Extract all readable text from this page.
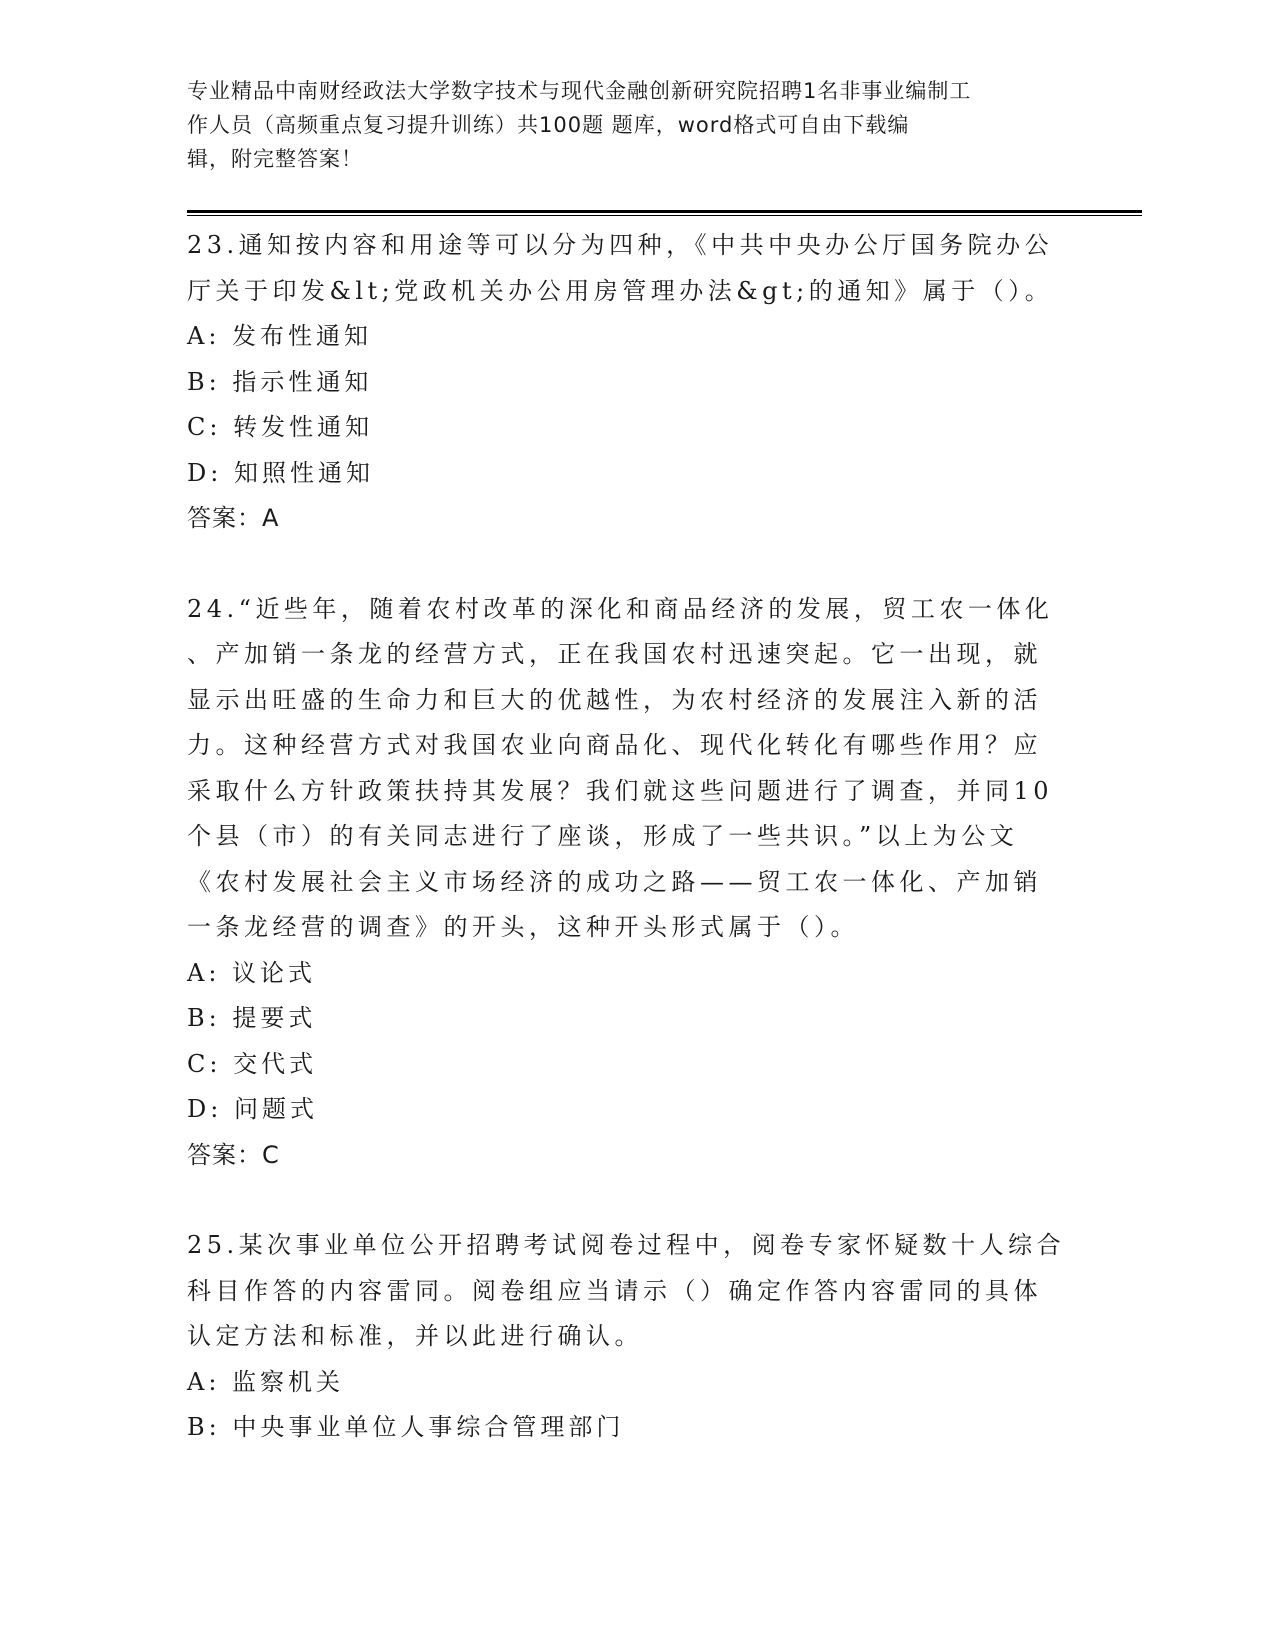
专业精品中南财经政法大学数字技术与现代金融创新研究院招聘1名非事业编制工
作人员（高频重点复习提升训练）共100题 题库，word格式可自由下载编
辑，附完整答案！

23.通知按内容和用途等可以分为四种，《中共中央办公厅国务院办公

厅关于印发&lt;党政机关办公用房管理办法&gt;的通知》属于（）。

A: 发布性通知

B: 指示性通知

C: 转发性通知

D: 知照性通知

答案：A

24.“近些年，随着农村改革的深化和商品经济的发展，贸工农一体化

、产加销一条龙的经营方式，正在我国农村迅速突起。它一出现，就

显示出旺盛的生命力和巨大的优越性，为农村经济的发展注入新的活

力。这种经营方式对我国农业向商品化、现代化转化有哪些作用？应

采取什么方针政策扶持其发展？我们就这些问题进行了调查，并同10

个县（市）的有关同志进行了座谈，形成了一些共识。”以上为公文

《农村发展社会主义市场经济的成功之路——贸工农一体化、产加销

一条龙经营的调查》的开头，这种开头形式属于（）。

A: 议论式

B: 提要式

C: 交代式

D: 问题式

答案：C

25.某次事业单位公开招聘考试阅卷过程中，阅卷专家怀疑数十人综合

科目作答的内容雷同。阅卷组应当请示（）确定作答内容雷同的具体

认定方法和标准，并以此进行确认。

A: 监察机关

B: 中央事业单位人事综合管理部门
